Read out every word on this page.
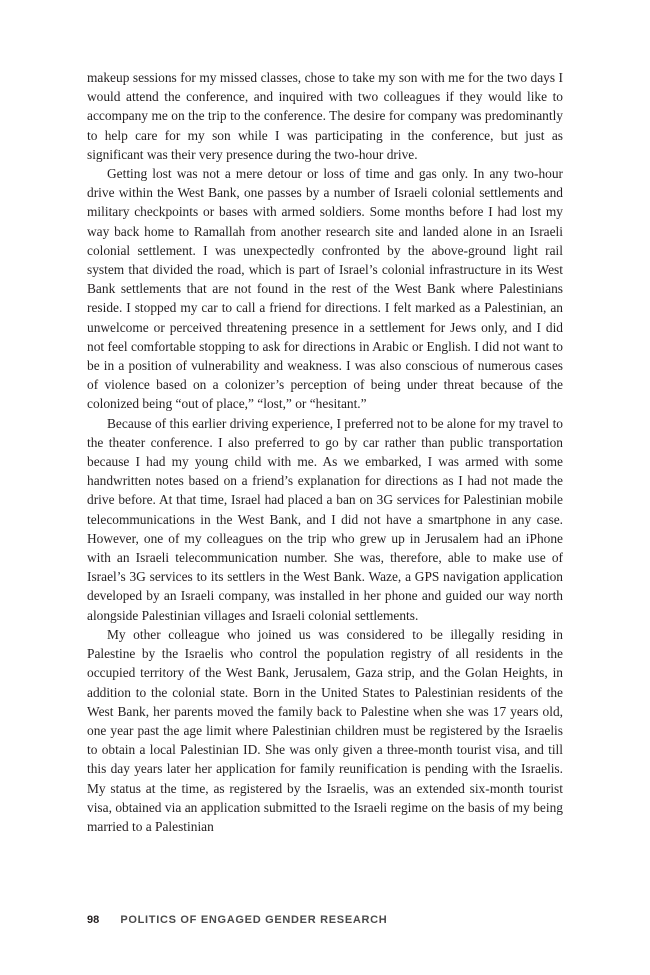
makeup sessions for my missed classes, chose to take my son with me for the two days I would attend the conference, and inquired with two colleagues if they would like to accompany me on the trip to the conference. The desire for company was predominantly to help care for my son while I was participating in the conference, but just as significant was their very presence during the two-hour drive.

Getting lost was not a mere detour or loss of time and gas only. In any two-hour drive within the West Bank, one passes by a number of Israeli colonial settlements and military checkpoints or bases with armed soldiers. Some months before I had lost my way back home to Ramallah from another research site and landed alone in an Israeli colonial settlement. I was unexpectedly confronted by the above-ground light rail system that divided the road, which is part of Israel’s colonial infrastructure in its West Bank settlements that are not found in the rest of the West Bank where Palestinians reside. I stopped my car to call a friend for directions. I felt marked as a Palestinian, an unwelcome or perceived threatening presence in a settlement for Jews only, and I did not feel comfortable stopping to ask for directions in Arabic or English. I did not want to be in a position of vulnerability and weakness. I was also conscious of numerous cases of violence based on a colonizer’s perception of being under threat because of the colonized being “out of place,” “lost,” or “hesitant.”

Because of this earlier driving experience, I preferred not to be alone for my travel to the theater conference. I also preferred to go by car rather than public transportation because I had my young child with me. As we embarked, I was armed with some handwritten notes based on a friend’s explanation for directions as I had not made the drive before. At that time, Israel had placed a ban on 3G services for Palestinian mobile telecommunications in the West Bank, and I did not have a smartphone in any case. However, one of my colleagues on the trip who grew up in Jerusalem had an iPhone with an Israeli telecommunication number. She was, therefore, able to make use of Israel’s 3G services to its settlers in the West Bank. Waze, a GPS navigation application developed by an Israeli company, was installed in her phone and guided our way north alongside Palestinian villages and Israeli colonial settlements.

My other colleague who joined us was considered to be illegally residing in Palestine by the Israelis who control the population registry of all residents in the occupied territory of the West Bank, Jerusalem, Gaza strip, and the Golan Heights, in addition to the colonial state. Born in the United States to Palestinian residents of the West Bank, her parents moved the family back to Palestine when she was 17 years old, one year past the age limit where Palestinian children must be registered by the Israelis to obtain a local Palestinian ID. She was only given a three-month tourist visa, and till this day years later her application for family reunification is pending with the Israelis. My status at the time, as registered by the Israelis, was an extended six-month tourist visa, obtained via an application submitted to the Israeli regime on the basis of my being married to a Palestinian

98 POLITICS OF ENGAGED GENDER RESEARCH
